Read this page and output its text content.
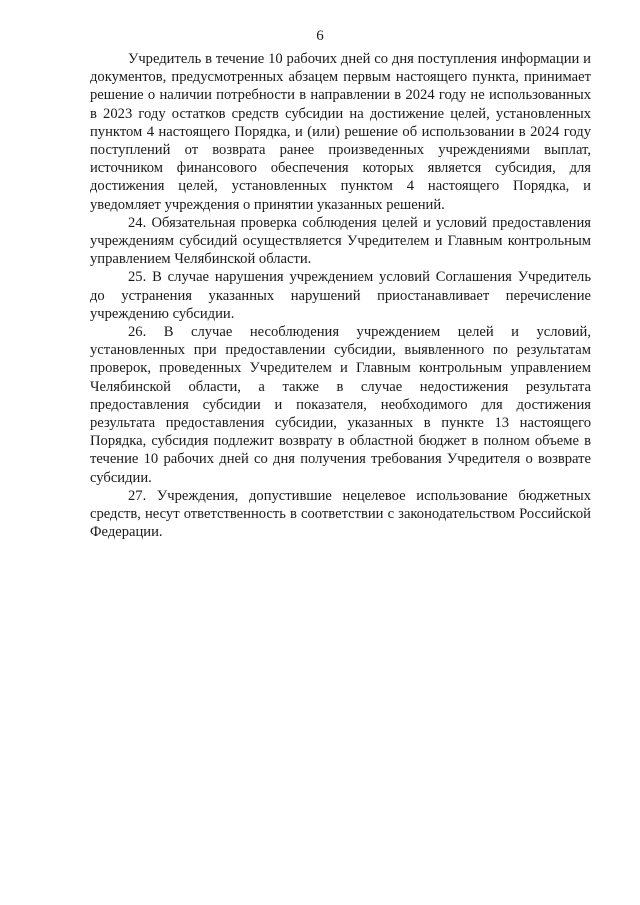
6

Учредитель в течение 10 рабочих дней со дня поступления информации и документов, предусмотренных абзацем первым настоящего пункта, принимает решение о наличии потребности в направлении в 2024 году не использованных в 2023 году остатков средств субсидии на достижение целей, установленных пунктом 4 настоящего Порядка, и (или) решение об использовании в 2024 году поступлений от возврата ранее произведенных учреждениями выплат, источником финансового обеспечения которых является субсидия, для достижения целей, установленных пунктом 4 настоящего Порядка, и уведомляет учреждения о принятии указанных решений.

24. Обязательная проверка соблюдения целей и условий предоставления учреждениям субсидий осуществляется Учредителем и Главным контрольным управлением Челябинской области.

25. В случае нарушения учреждением условий Соглашения Учредитель до устранения указанных нарушений приостанавливает перечисление учреждению субсидии.

26. В случае несоблюдения учреждением целей и условий, установленных при предоставлении субсидии, выявленного по результатам проверок, проведенных Учредителем и Главным контрольным управлением Челябинской области, а также в случае недостижения результата предоставления субсидии и показателя, необходимого для достижения результата предоставления субсидии, указанных в пункте 13 настоящего Порядка, субсидия подлежит возврату в областной бюджет в полном объеме в течение 10 рабочих дней со дня получения требования Учредителя о возврате субсидии.

27. Учреждения, допустившие нецелевое использование бюджетных средств, несут ответственность в соответствии с законодательством Российской Федерации.
